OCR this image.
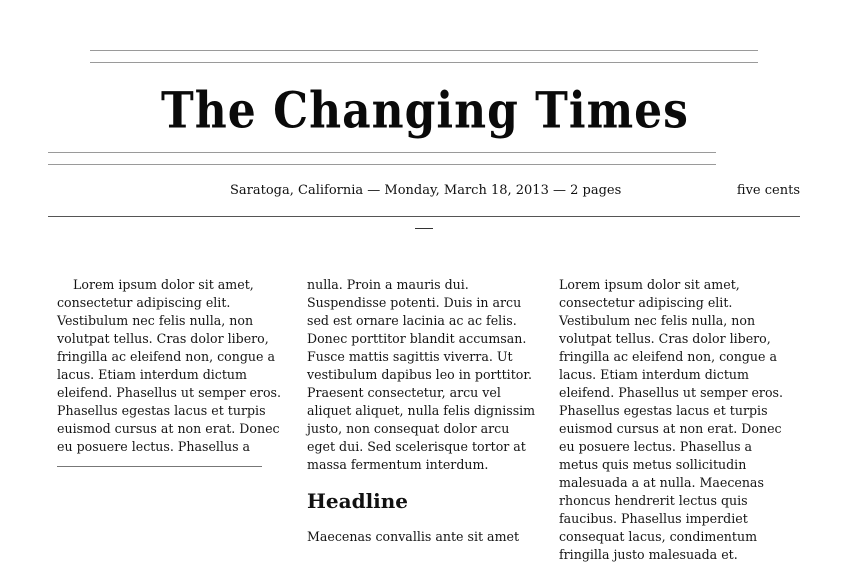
The Changing Times
Saratoga, California — Monday, March 18, 2013 — 2 pages	five cents

Lorem ipsum dolor sit amet, consectetur adipiscing elit. Vestibulum nec felis nulla, non volutpat tellus. Cras dolor libero, fringilla ac eleifend non, congue a lacus. Etiam interdum dictum eleifend. Phasellus ut semper eros. Phasellus egestas lacus et turpis euismod cursus at non erat. Donec eu posuere lectus. Phasellus a

nulla. Proin a mauris dui. Suspendisse potenti. Duis in arcu sed est ornare lacinia ac ac felis. Donec porttitor blandit accumsan. Fusce mattis sagittis viverra. Ut vestibulum dapibus leo in porttitor. Praesent consectetur, arcu vel aliquet aliquet, nulla felis dignissim justo, non consequat dolor arcu eget dui. Sed scelerisque tortor at massa fermentum interdum.

Headline

Maecenas convallis ante sit amet

Lorem ipsum dolor sit amet, consectetur adipiscing elit. Vestibulum nec felis nulla, non volutpat tellus. Cras dolor libero, fringilla ac eleifend non, congue a lacus. Etiam interdum dictum eleifend. Phasellus ut semper eros. Phasellus egestas lacus et turpis euismod cursus at non erat. Donec eu posuere lectus. Phasellus a metus quis metus sollicitudin malesuada a at nulla. Maecenas rhoncus hendrerit lectus quis faucibus. Phasellus imperdiet consequat lacus, condimentum fringilla justo malesuada et.
